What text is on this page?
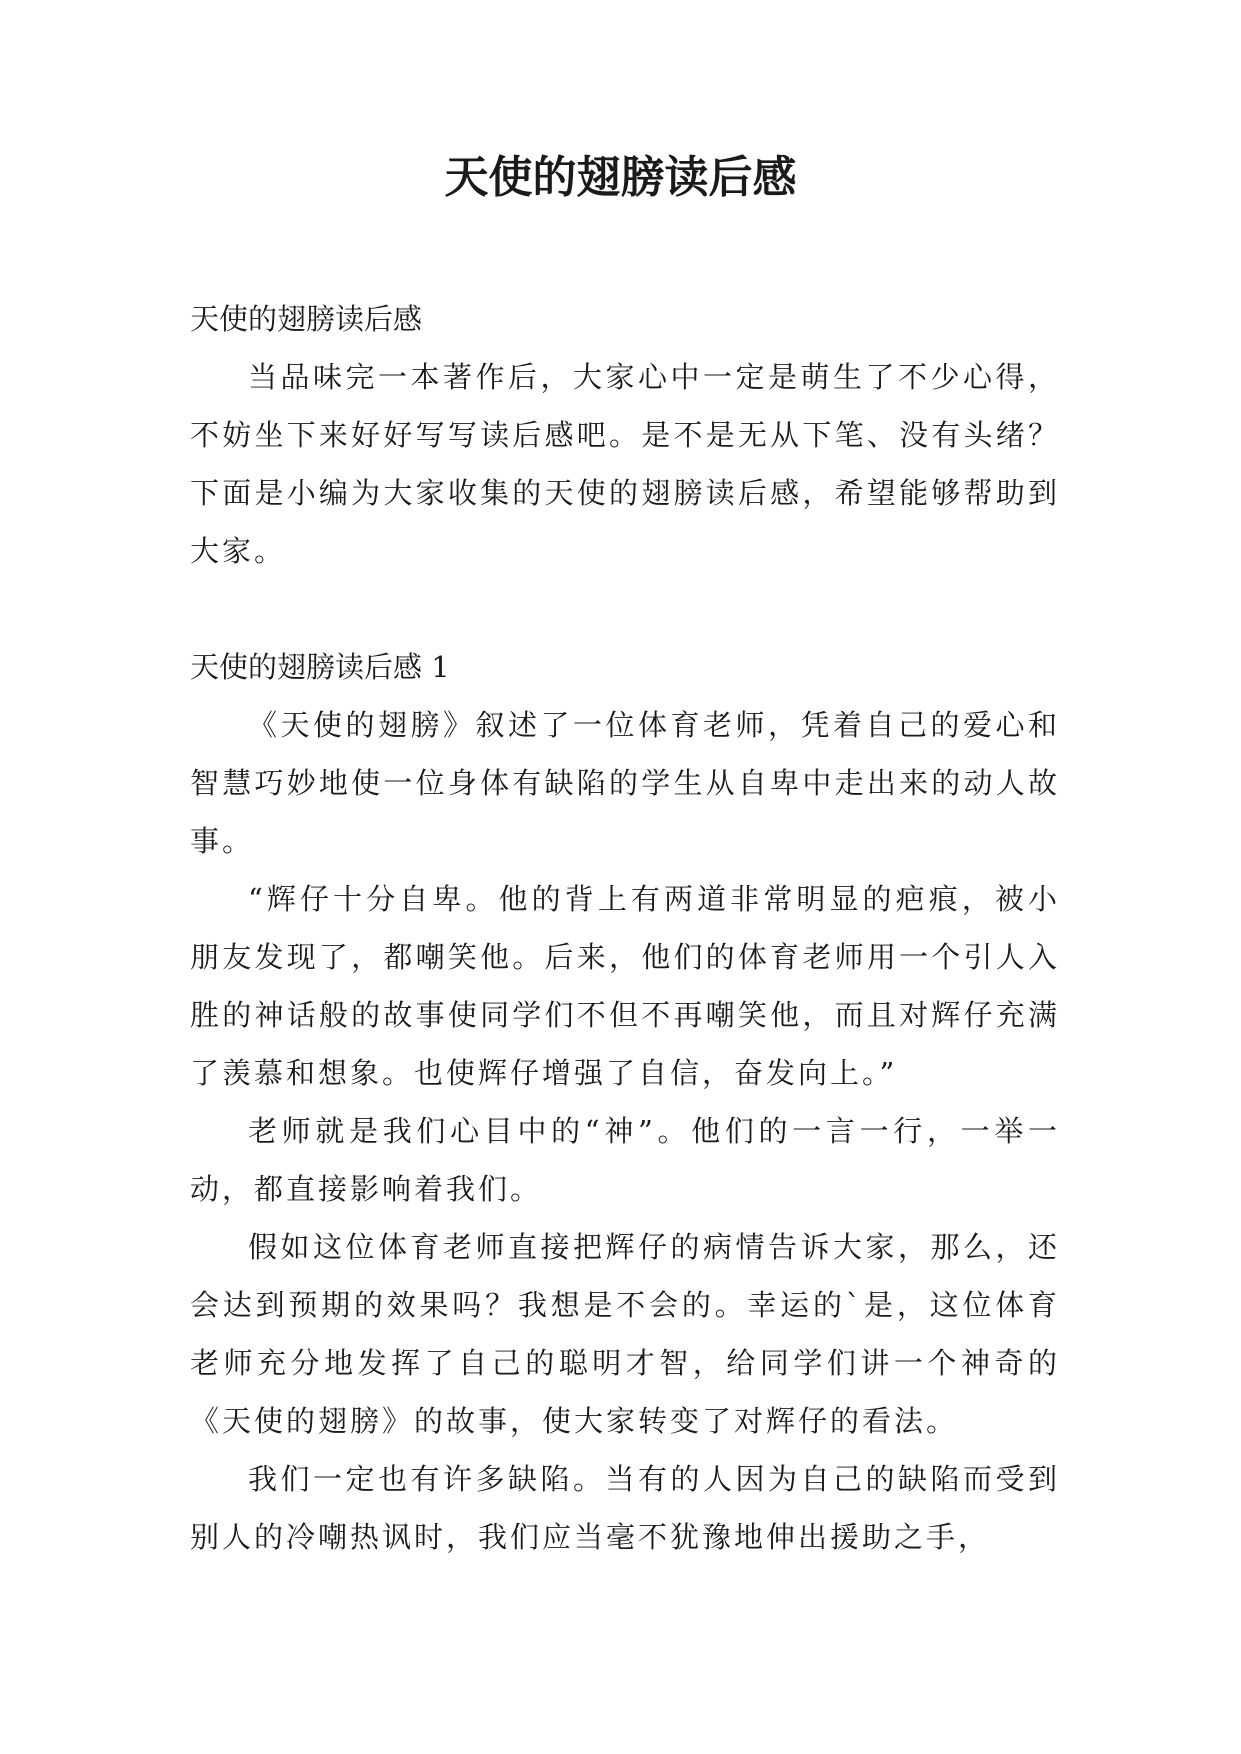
天使的翅膀读后感

天使的翅膀读后感

当品味完一本著作后，大家心中一定是萌生了不少心得，不妨坐下来好好写写读后感吧。是不是无从下笔、没有头绪？下面是小编为大家收集的天使的翅膀读后感，希望能够帮助到大家。

天使的翅膀读后感 1

《天使的翅膀》叙述了一位体育老师，凭着自己的爱心和智慧巧妙地使一位身体有缺陷的学生从自卑中走出来的动人故事。

“辉仔十分自卑。他的背上有两道非常明显的疤痕，被小朋友发现了，都嘲笑他。后来，他们的体育老师用一个引人入胜的神话般的故事使同学们不但不再嘲笑他，而且对辉仔充满了羡慕和想象。也使辉仔增强了自信，奋发向上。”

老师就是我们心目中的“神”。他们的一言一行，一举一动，都直接影响着我们。

假如这位体育老师直接把辉仔的病情告诉大家，那么，还会达到预期的效果吗？我想是不会的。幸运的`是，这位体育老师充分地发挥了自己的聪明才智，给同学们讲一个神奇的《天使的翅膀》的故事，使大家转变了对辉仔的看法。

我们一定也有许多缺陷。当有的人因为自己的缺陷而受到别人的冷嘲热讽时，我们应当毫不犹豫地伸出援助之手，
